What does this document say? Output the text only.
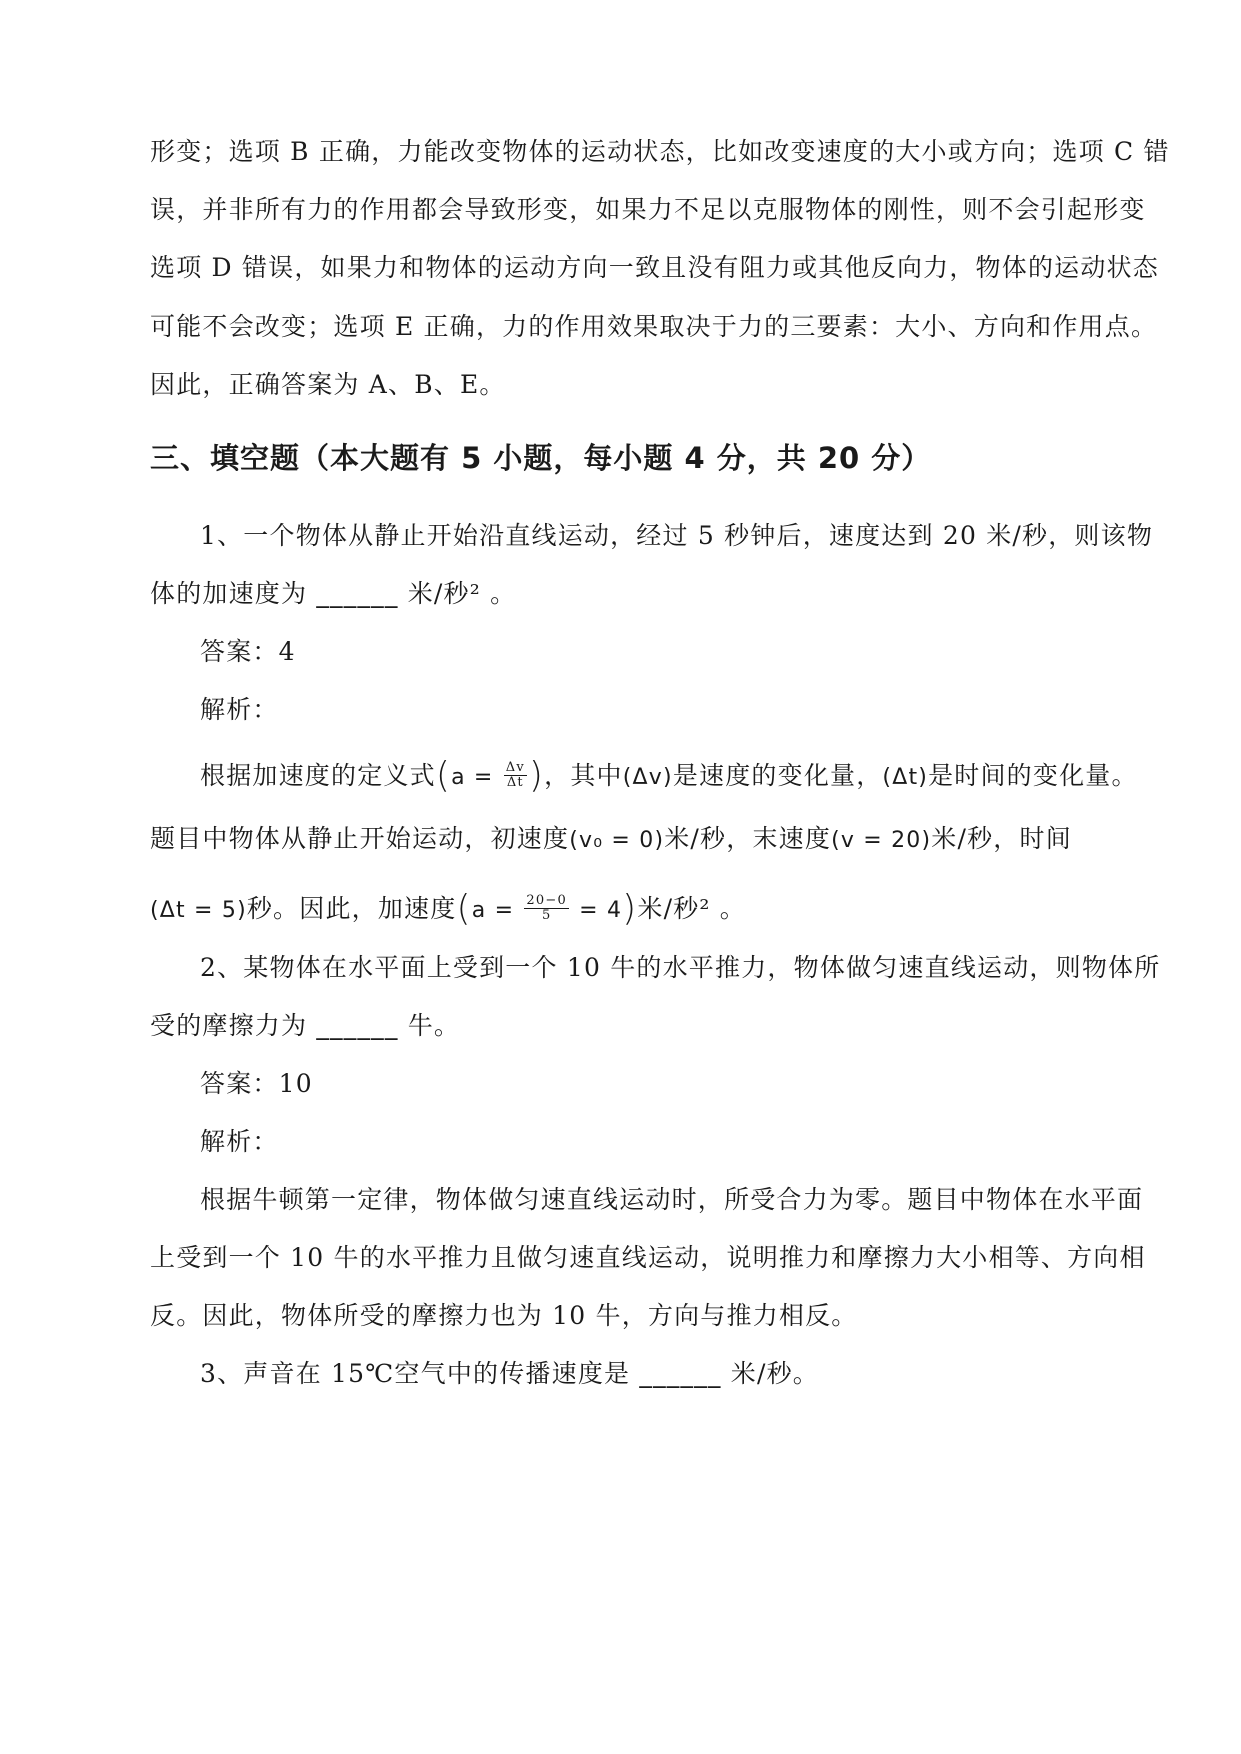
形变；选项 B 正确，力能改变物体的运动状态，比如改变速度的大小或方向；选项 C 错
误，并非所有力的作用都会导致形变，如果力不足以克服物体的刚性，则不会引起形变
选项 D 错误，如果力和物体的运动方向一致且没有阻力或其他反向力，物体的运动状态
可能不会改变；选项 E 正确，力的作用效果取决于力的三要素：大小、方向和作用点。
因此，正确答案为 A、B、E。
三、填空题（本大题有 5 小题，每小题 4 分，共 20 分）
1、一个物体从静止开始沿直线运动，经过 5 秒钟后，速度达到 20 米/秒，则该物
体的加速度为 ______ 米/秒² 。
答案：4
解析：
根据加速度的定义式($a = \frac{\Delta v}{\Delta t}$ )，其中(Δv)是速度的变化量，(Δt)是时间的变化量。
题目中物体从静止开始运动，初速度(v₀ = 0)米/秒，末速度(v = 20)米/秒，时间
(Δt = 5)秒。因此，加速度$(a = \frac{20-0}{5} = 4)$米/秒² 。
2、某物体在水平面上受到一个 10 牛的水平推力，物体做匀速直线运动，则物体所
受的摩擦力为 ______ 牛。
答案：10
解析：
根据牛顿第一定律，物体做匀速直线运动时，所受合力为零。题目中物体在水平面
上受到一个 10 牛的水平推力且做匀速直线运动，说明推力和摩擦力大小相等、方向相
反。因此，物体所受的摩擦力也为 10 牛，方向与推力相反。
3、声音在 15℃空气中的传播速度是 ______ 米/秒。
